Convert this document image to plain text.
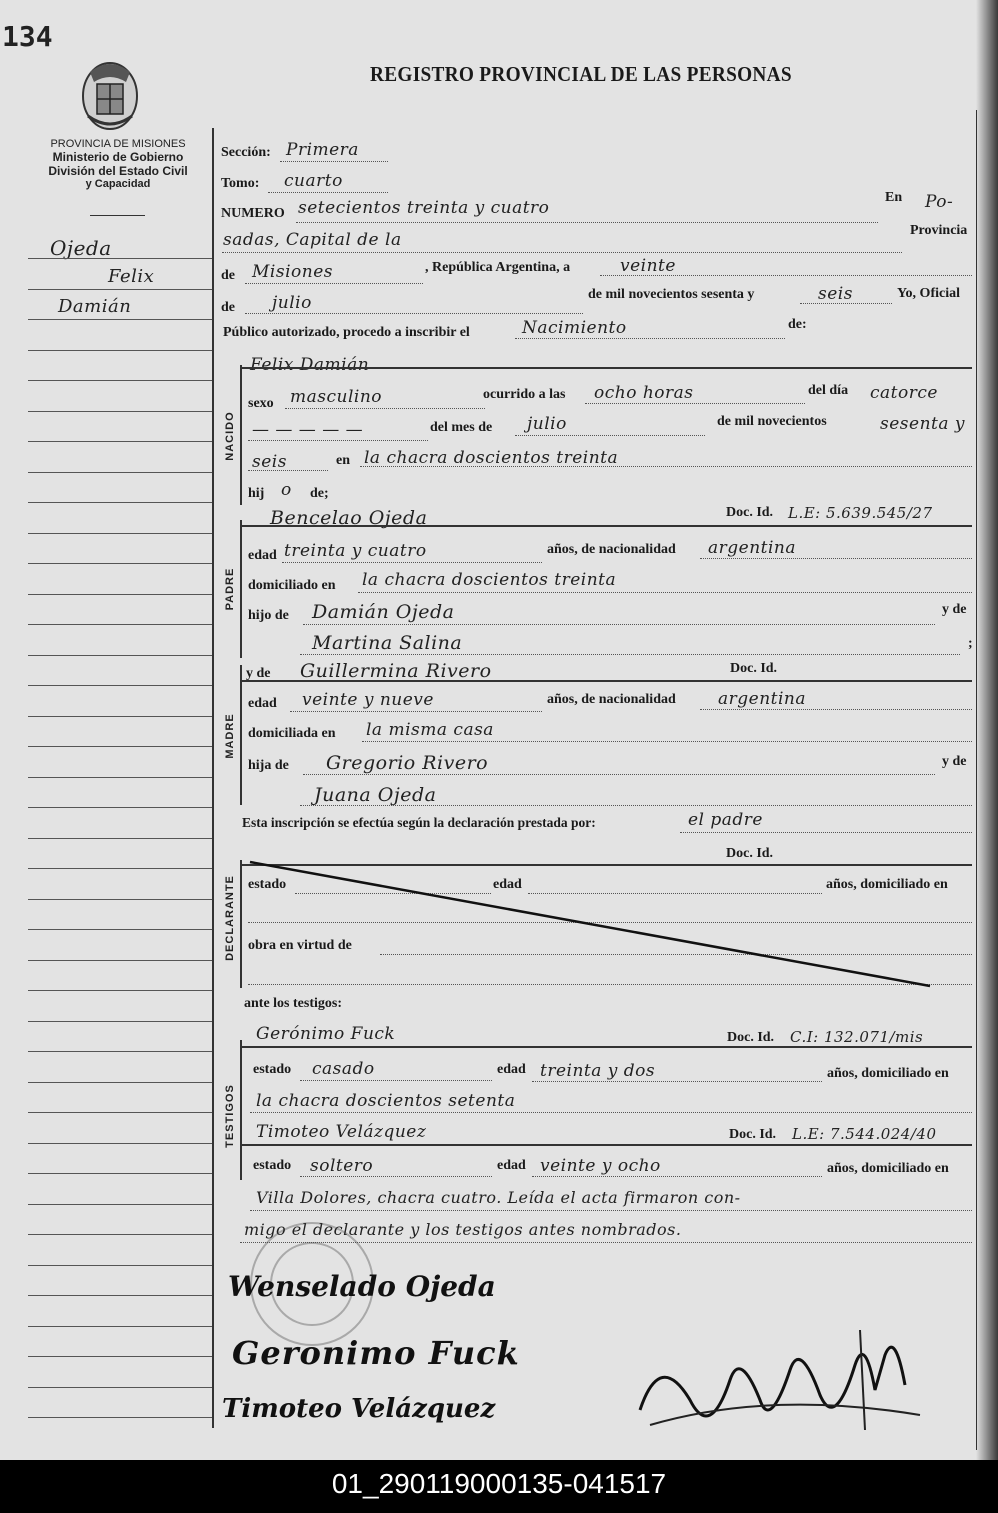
134
REGISTRO PROVINCIAL DE LAS PERSONAS
PROVINCIA DE MISIONES
Ministerio de Gobierno
División del Estado Civil
y Capacidad
Ojeda
Felix
Damián
Sección: Primera
Tomo: cuarto
NUMERO setecientos treinta y cuatro
En Po-
sadas, Capital de la	Provincia
de Misiones	, República Argentina, a	veinte
de julio	de mil novecientos sesenta y	seis	Yo, Oficial
Público autorizado, procedo a inscribir el	Nacimiento	de:
NACIDO
Felix Damián
sexo masculino	ocurrido a las ocho horas	del día catorce
— — — — —	del mes de julio	de mil novecientos	sesenta y
seis	en la chacra doscientos treinta
hij o de;
PADRE
Bencelao Ojeda	Doc. Id. L.E: 5.639.545/27
edad treinta y cuatro	años, de nacionalidad argentina
domiciliado en la chacra doscientos treinta
hijo de Damián Ojeda	y de
Martina Salina	;
MADRE
y de Guillermina Rivero	Doc. Id.
edad veinte y nueve	años, de nacionalidad argentina
domiciliada en la misma casa
hija de Gregorio Rivero	y de
Juana Ojeda
Esta inscripción se efectúa según la declaración prestada por:	el padre
DECLARANTE
Doc. Id.
estado	edad	años, domiciliado en
obra en virtud de
ante los testigos:
TESTIGOS
Gerónimo Fuck	Doc. Id. C.I: 132.071/mis
estado casado	edad treinta y dos	años, domiciliado en
la chacra doscientos setenta
Timoteo Velázquez	Doc. Id. L.E: 7.544.024/40
estado soltero	edad veinte y ocho	años, domiciliado en
Villa Dolores, chacra cuatro. Leída el acta firmaron con-
migo el declarante y los testigos antes nombrados.
Wenselado Ojeda
Geronimo Fuck
Timoteo Velázquez
01_290119000135-041517
